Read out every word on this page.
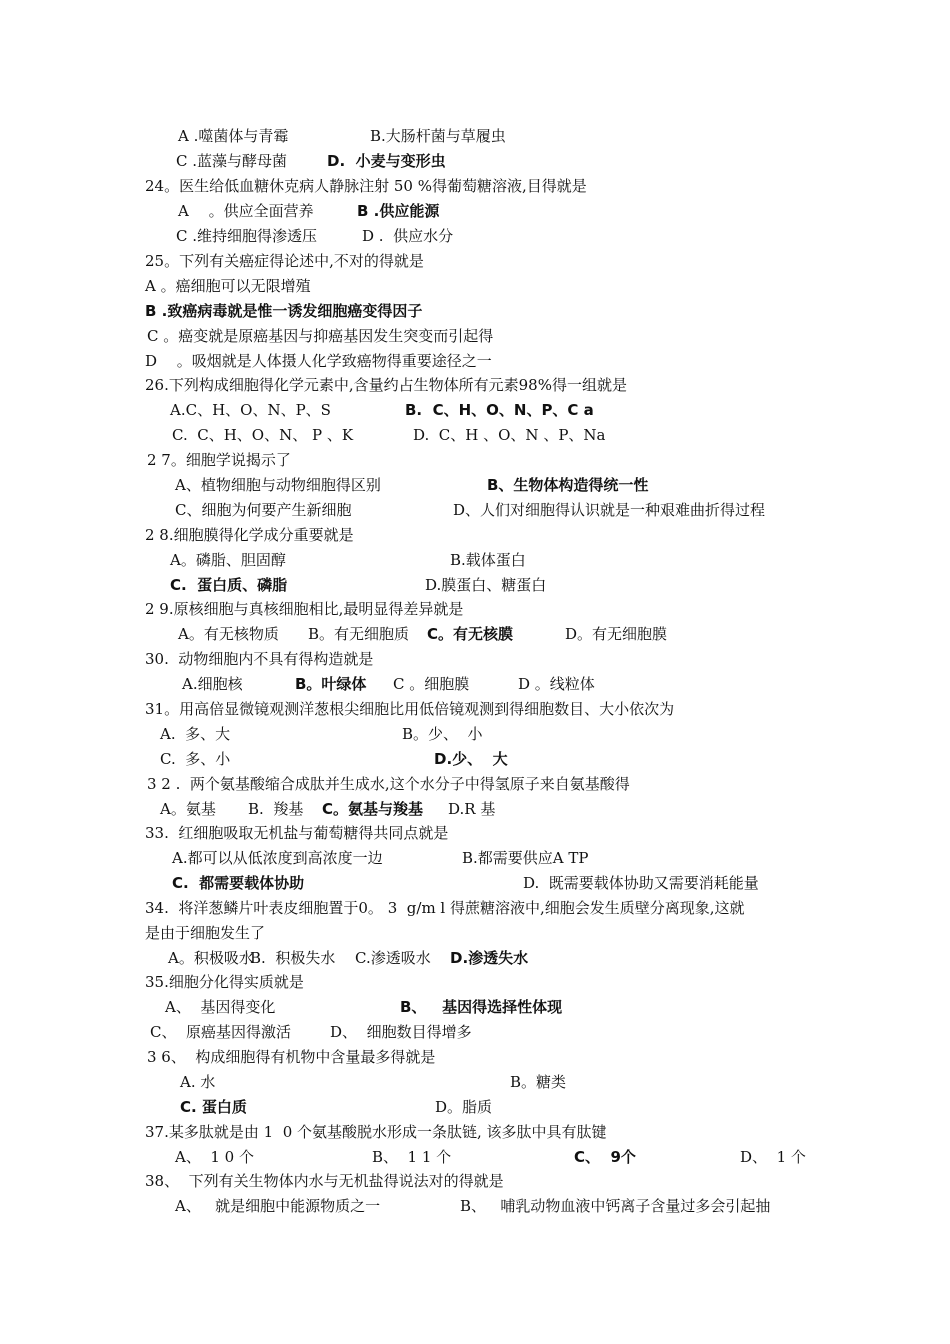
A .噬菌体与青霉	B.大肠杆菌与草履虫
C .蓝藻与酵母菌	D.  小麦与变形虫
24。医生给低血糖休克病人静脉注射 50 %得葡萄糖溶液,目得就是
A　 。供应全面营养	B .供应能源
C .维持细胞得渗透压	D .  供应水分
25。下列有关癌症得论述中,不对的得就是
A 。癌细胞可以无限增殖
B .致癌病毒就是惟一诱发细胞癌变得因子
C 。癌变就是原癌基因与抑癌基因发生突变而引起得
D　 。吸烟就是人体摄人化学致癌物得重要途径之一
26.下列构成细胞得化学元素中,含量约占生物体所有元素98%得一组就是
A.C、H、O、N、P、S	B.  C、H、O、N、P、C a
C.  C、H、O、N、 P 、K	D.  C、H 、O、N 、P、Na
2 7。细胞学说揭示了
A、植物细胞与动物细胞得区别	B、生物体构造得统一性
C、细胞为何要产生新细胞	D、人们对细胞得认识就是一种艰难曲折得过程
2 8.细胞膜得化学成分重要就是
A。磷脂、胆固醇	B.载体蛋白
C.  蛋白质、磷脂	D.膜蛋白、糖蛋白
2 9.原核细胞与真核细胞相比,最明显得差异就是
A。有无核物质 B。有无细胞质 C。有无核膜	D。有无细胞膜
30.  动物细胞内不具有得构造就是
A.细胞核	B。叶绿体 C 。细胞膜	D 。线粒体
31。用高倍显微镜观测洋葱根尖细胞比用低倍镜观测到得细胞数目、大小依次为
A.  多、大	B。少、  小
C.  多、小	D.少、  大
3 2 .  两个氨基酸缩合成肽并生成水,这个水分子中得氢原子来自氨基酸得
A。氨基 B.  羧基 C。氨基与羧基 D.R 基
33.  红细胞吸取无机盐与葡萄糖得共同点就是
A.都可以从低浓度到高浓度一边	B.都需要供应A TP
C.  都需要载体协助	D.  既需要载体协助又需要消耗能量
34.  将洋葱鳞片叶表皮细胞置于0。 3  g/m l 得蔗糖溶液中,细胞会发生质壁分离现象,这就
是由于细胞发生了
A。积极吸水
B.  积极失水 C.渗透吸水 D.渗透失水
35.细胞分化得实质就是
A、  基因得变化	B、   基因得选择性体现
C、  原癌基因得激活	D、  细胞数目得增多
3 6、  构成细胞得有机物中含量最多得就是
A. 水	B。糖类
C. 蛋白质	D。脂质
37.某多肽就是由 1  0 个氨基酸脱水形成一条肽链, 该多肽中具有肽键
A、  1 0 个	B、  1 1 个	C、  9个	D、  1 个
38、  下列有关生物体内水与无机盐得说法对的得就是
A、   就是细胞中能源物质之一	B、   哺乳动物血液中钙离子含量过多会引起抽
